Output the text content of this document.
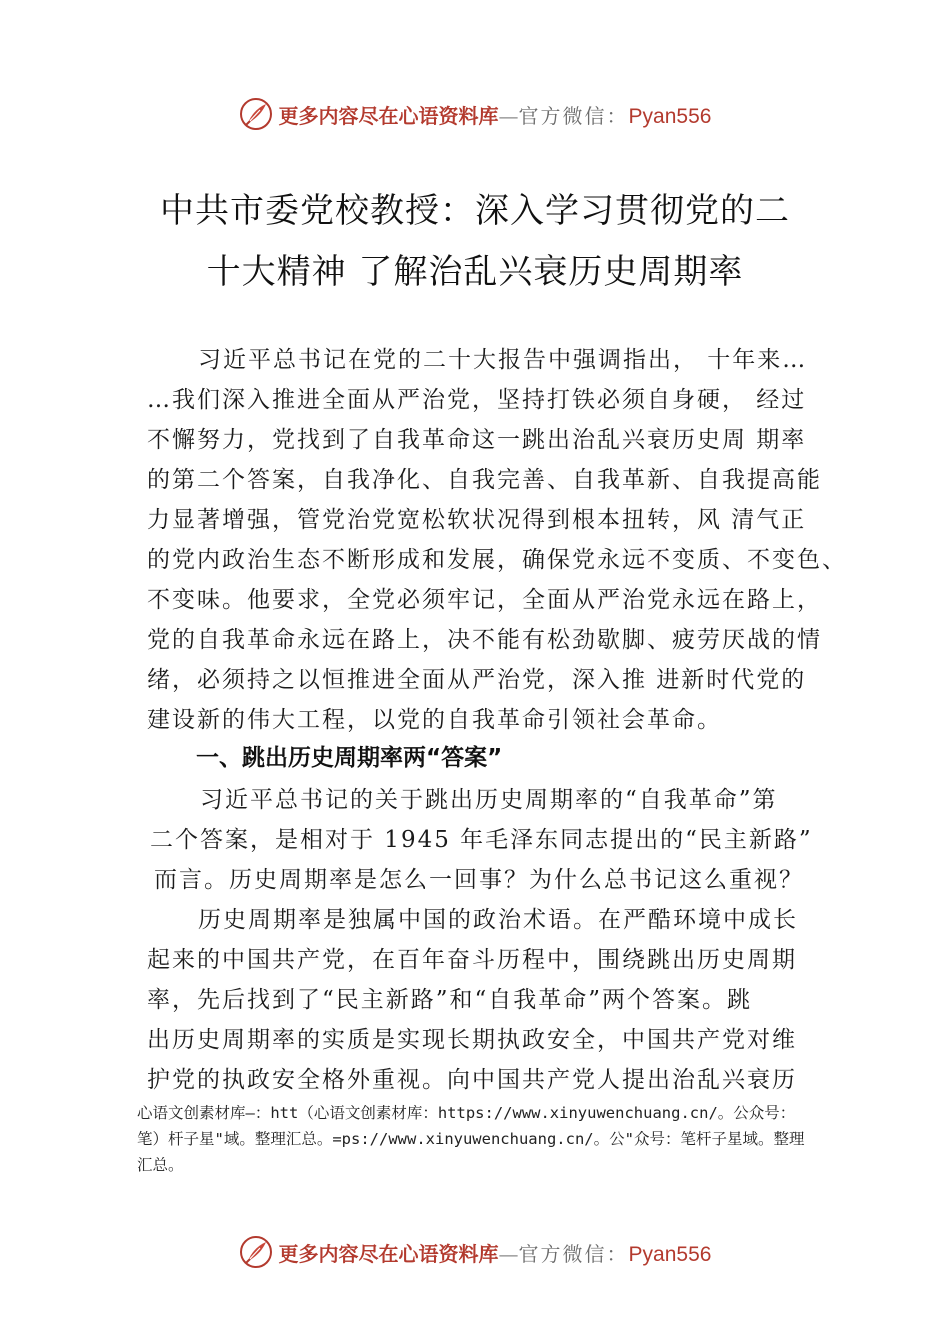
更多内容尽在心语资料库—官方微信：Pyan556
中共市委党校教授：深入学习贯彻党的二
十大精神 了解治乱兴衰历史周期率
习近平总书记在党的二十大报告中强调指出， 十年来…
…我们深入推进全面从严治党，坚持打铁必须自身硬， 经过
不懈努力，党找到了自我革命这一跳出治乱兴衰历史周 期率
的第二个答案，自我净化、自我完善、自我革新、自我提高能
力显著增强，管党治党宽松软状况得到根本扭转，风 清气正
的党内政治生态不断形成和发展，确保党永远不变质、不变色、
不变味。他要求，全党必须牢记，全面从严治党永远在路上，
党的自我革命永远在路上，决不能有松劲歇脚、疲劳厌战的情
绪，必须持之以恒推进全面从严治党，深入推 进新时代党的
建设新的伟大工程，以党的自我革命引领社会革命。
一、跳出历史周期率两“答案”
习近平总书记的关于跳出历史周期率的“自我革命”第
二个答案，是相对于 1945 年毛泽东同志提出的“民主新路”
而言。历史周期率是怎么一回事？为什么总书记这么重视？
历史周期率是独属中国的政治术语。在严酷环境中成长
起来的中国共产党，在百年奋斗历程中，围绕跳出历史周期
率，先后找到了“民主新路”和“自我革命”两个答案。跳
出历史周期率的实质是实现长期执政安全，中国共产党对维
护党的执政安全格外重视。向中国共产党人提出治乱兴衰历
心语文创素材库—：htt（心语文创素材库：https://www.xinyuwenchuang.cn/。公众号：
笔）杆子星"域。整理汇总。=ps://www.xinyuwenchuang.cn/。公"众号：笔杆子星域。整理
汇总。
更多内容尽在心语资料库—官方微信：Pyan556
